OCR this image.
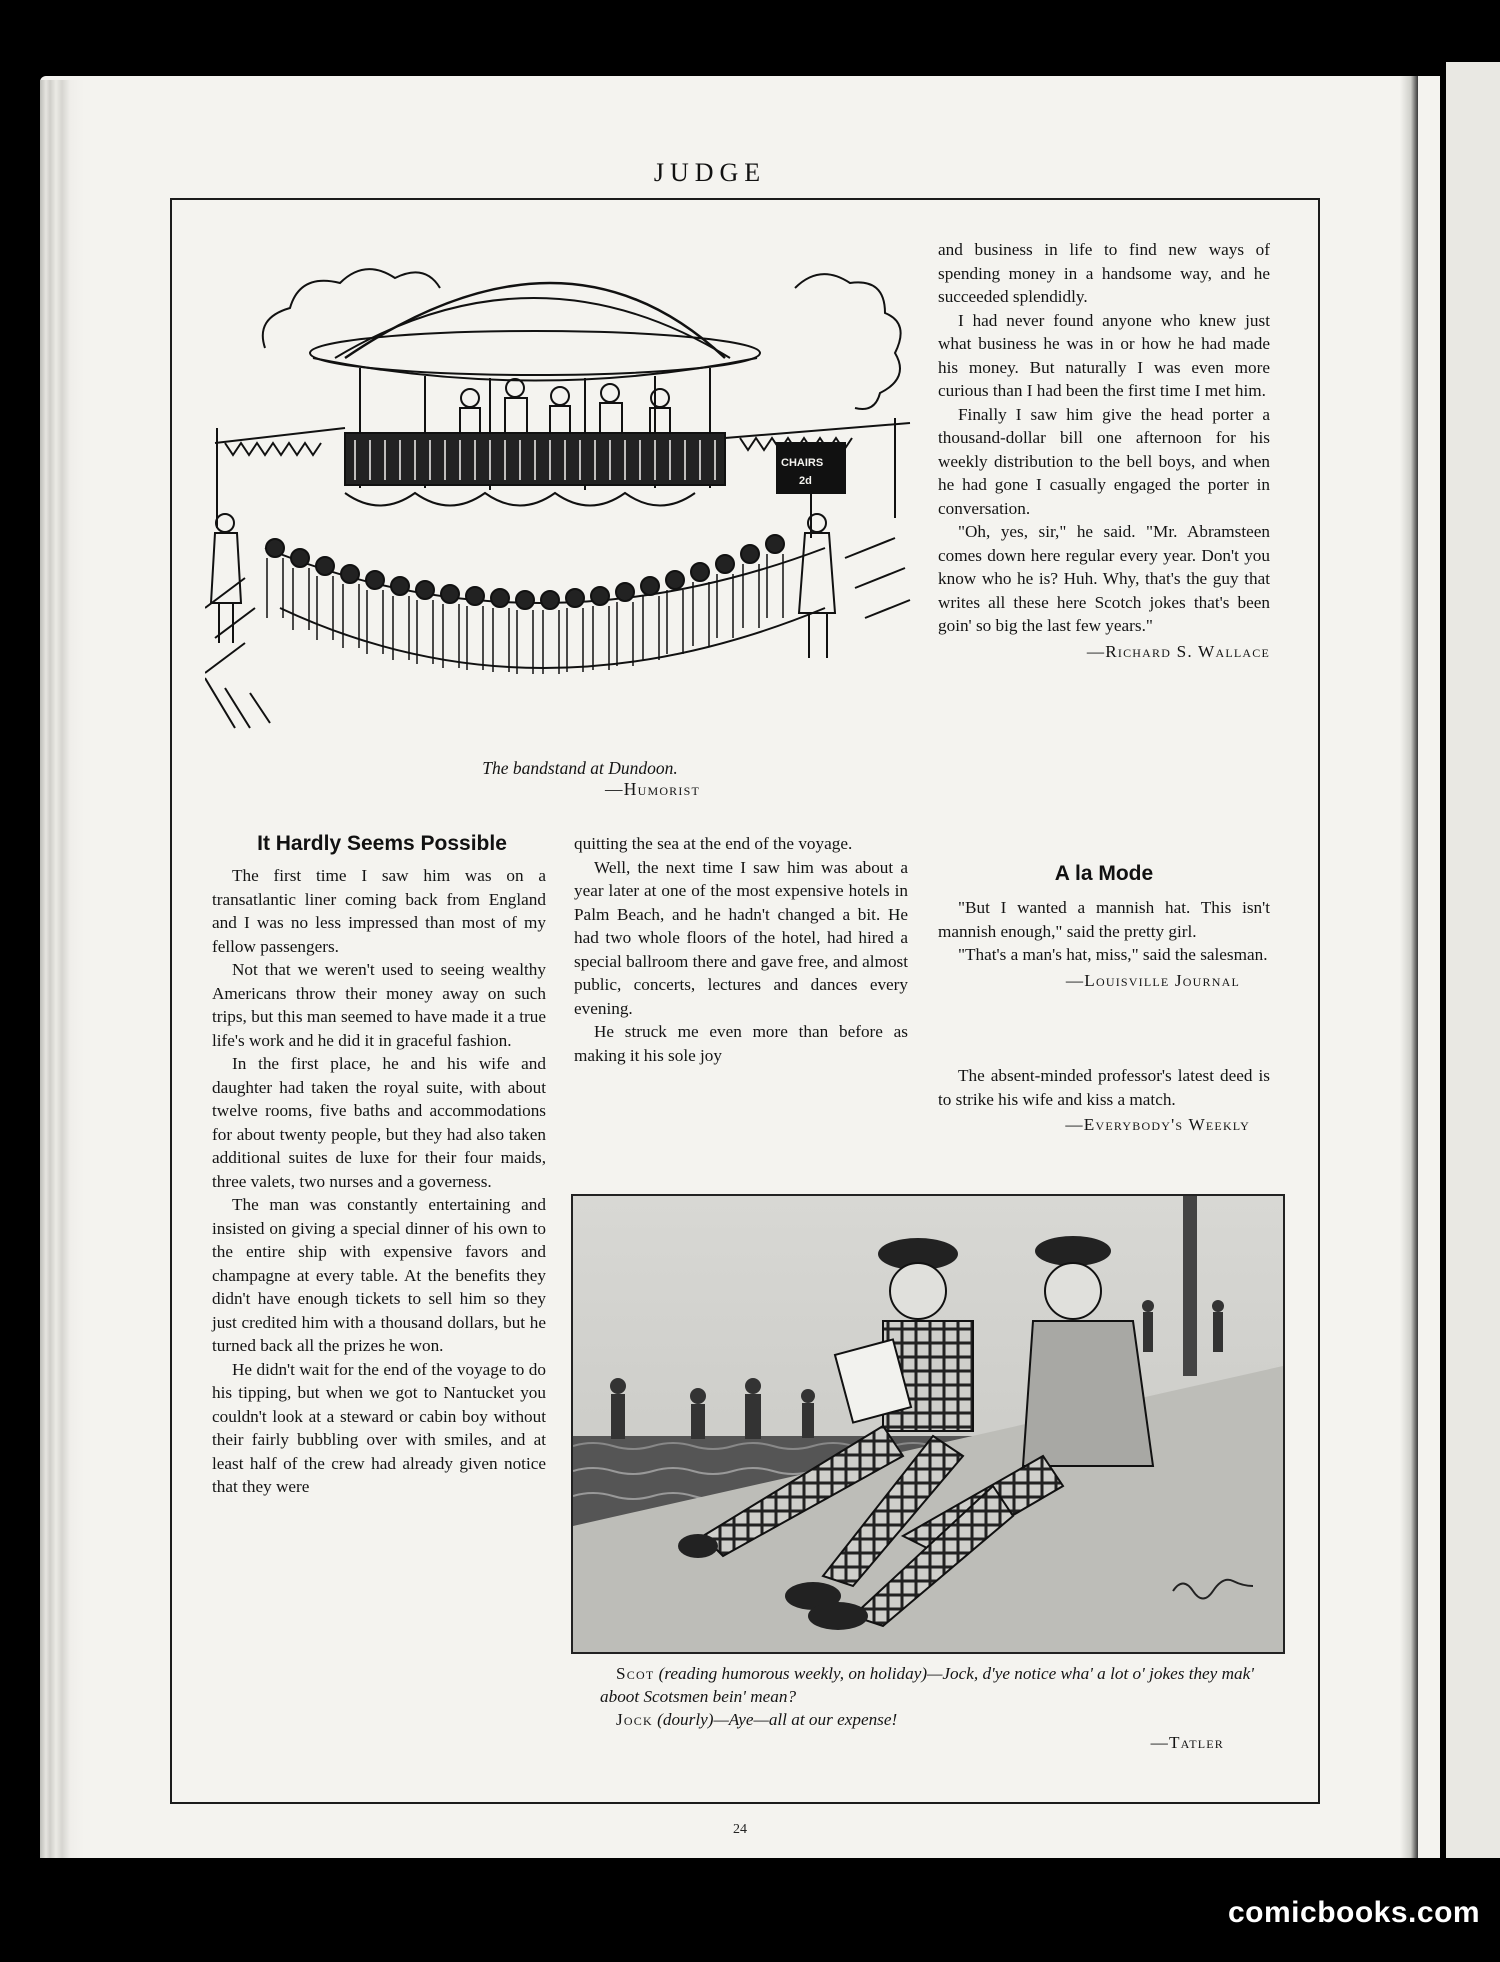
JUDGE
CHAIRS
2d
The bandstand at Dundoon.
—Humorist
It Hardly Seems Possible

The first time I saw him was on a transatlantic liner coming back from England and I was no less impressed than most of my fellow passengers.

Not that we weren't used to seeing wealthy Americans throw their money away on such trips, but this man seemed to have made it a true life's work and he did it in graceful fashion.

In the first place, he and his wife and daughter had taken the royal suite, with about twelve rooms, five baths and accommodations for about twenty people, but they had also taken additional suites de luxe for their four maids, three valets, two nurses and a governess.

The man was constantly entertaining and insisted on giving a special dinner of his own to the entire ship with expensive favors and champagne at every table. At the benefits they didn't have enough tickets to sell him so they just credited him with a thousand dollars, but he turned back all the prizes he won.

He didn't wait for the end of the voyage to do his tipping, but when we got to Nantucket you couldn't look at a steward or cabin boy without their fairly bubbling over with smiles, and at least half of the crew had already given notice that they were

quitting the sea at the end of the voyage.

Well, the next time I saw him was about a year later at one of the most expensive hotels in Palm Beach, and he hadn't changed a bit. He had two whole floors of the hotel, had hired a special ballroom there and gave free, and almost public, concerts, lectures and dances every evening.

He struck me even more than before as making it his sole joy

and business in life to find new ways of spending money in a handsome way, and he succeeded splendidly.

I had never found anyone who knew just what business he was in or how he had made his money. But naturally I was even more curious than I had been the first time I met him.

Finally I saw him give the head porter a thousand-dollar bill one afternoon for his weekly distribution to the bell boys, and when he had gone I casually engaged the porter in conversation.

"Oh, yes, sir," he said. "Mr. Abramsteen comes down here regular every year. Don't you know who he is? Huh. Why, that's the guy that writes all these here Scotch jokes that's been goin' so big the last few years."

—Richard S. Wallace
A la Mode

"But I wanted a mannish hat. This isn't mannish enough," said the pretty girl.

"That's a man's hat, miss," said the salesman.

—Louisville Journal

The absent-minded professor's latest deed is to strike his wife and kiss a match.

—Everybody's Weekly
Scot (reading humorous weekly, on holiday)—Jock, d'ye notice wha' a lot o' jokes they mak' aboot Scotsmen bein' mean?
Jock (dourly)—Aye—all at our expense!
—Tatler
24
comicbooks.com
